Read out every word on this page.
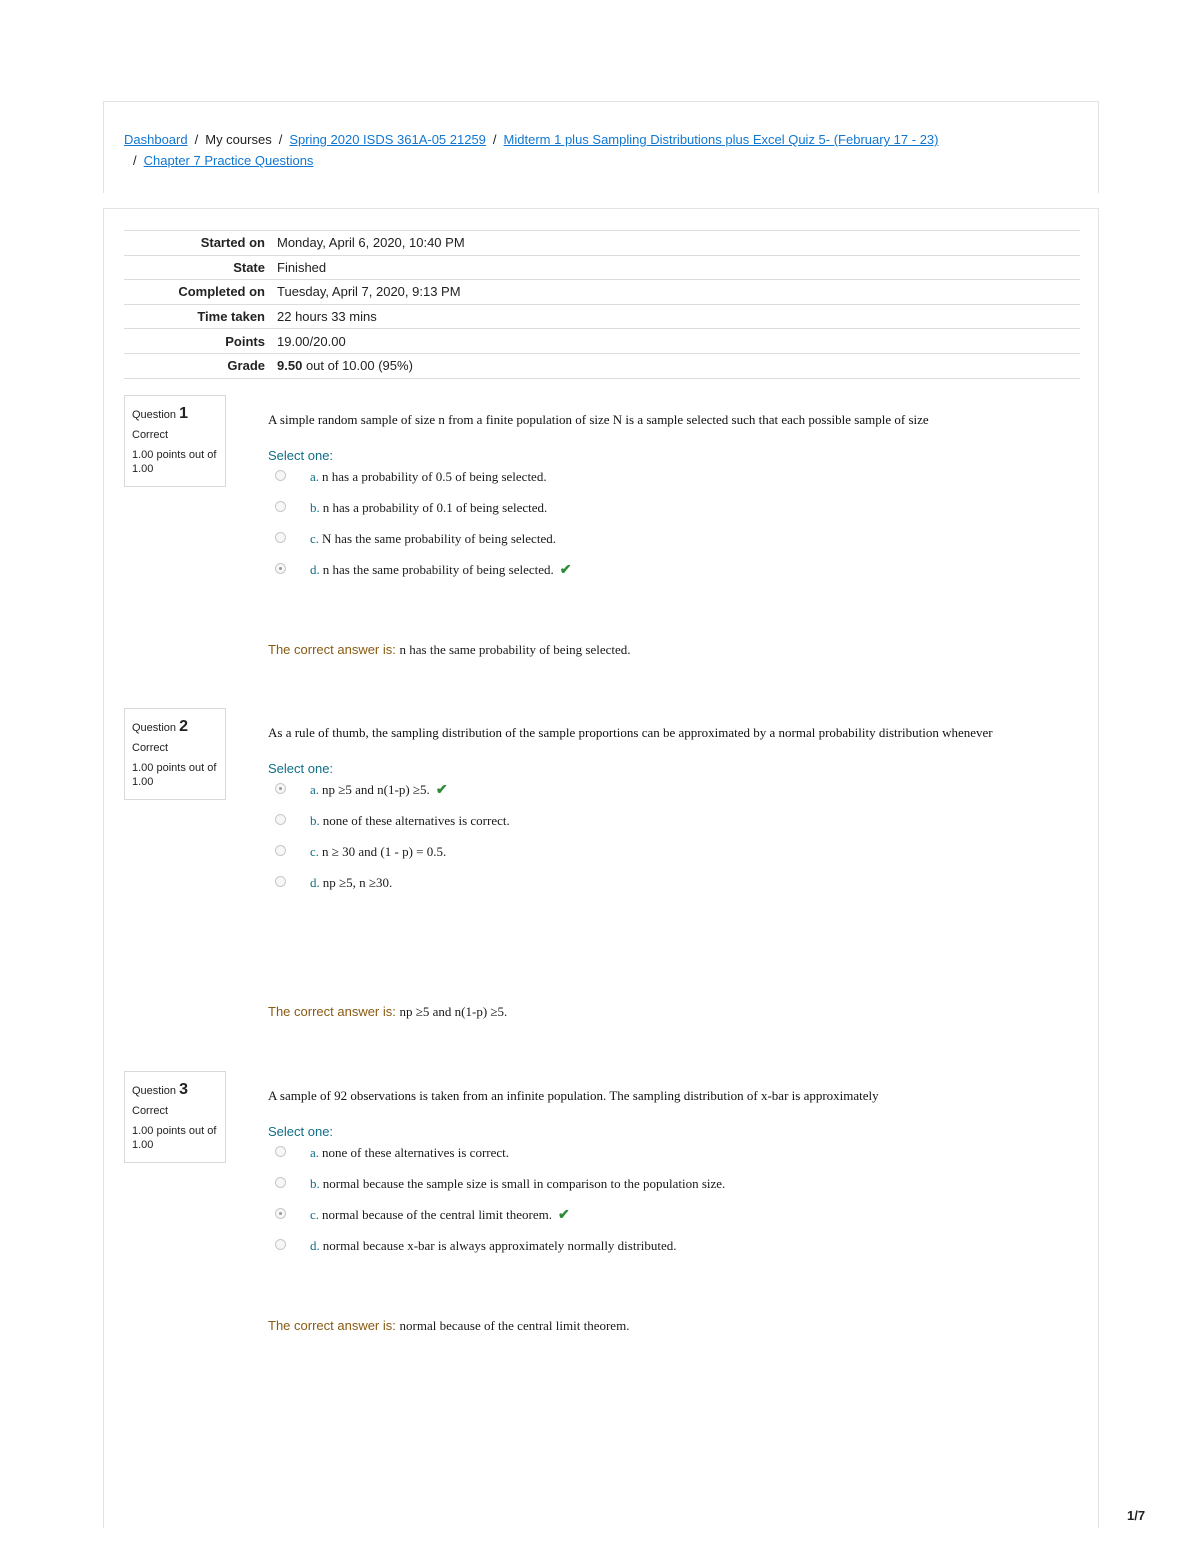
Dashboard / My courses / Spring 2020 ISDS 361A-05 21259 / Midterm 1 plus Sampling Distributions plus Excel Quiz 5- (February 17 - 23)
/ Chapter 7 Practice Questions
Started on	Monday, April 6, 2020, 10:40 PM
State	Finished
Completed on	Tuesday, April 7, 2020, 9:13 PM
Time taken	22 hours 33 mins
Points	19.00/20.00
Grade	9.50 out of 10.00 (95%)
Question 1
Correct
1.00 points out of 1.00
A simple random sample of size n from a finite population of size N is a sample selected such that each possible sample of size
Select one:
a. n has a probability of 0.5 of being selected.
b. n has a probability of 0.1 of being selected.
c. N has the same probability of being selected.
d. n has the same probability of being selected. ✔
The correct answer is: n has the same probability of being selected.
Question 2
Correct
1.00 points out of 1.00
As a rule of thumb, the sampling distribution of the sample proportions can be approximated by a normal probability distribution whenever
Select one:
a. np ≥5 and n(1-p) ≥5. ✔
b. none of these alternatives is correct.
c. n ≥ 30 and (1 - p) = 0.5.
d. np ≥5, n ≥30.
The correct answer is: np ≥5 and n(1-p) ≥5.
Question 3
Correct
1.00 points out of 1.00
A sample of 92 observations is taken from an infinite population. The sampling distribution of x-bar is approximately
Select one:
a. none of these alternatives is correct.
b. normal because the sample size is small in comparison to the population size.
c. normal because of the central limit theorem. ✔
d. normal because x-bar is always approximately normally distributed.
The correct answer is: normal because of the central limit theorem.
1/7
